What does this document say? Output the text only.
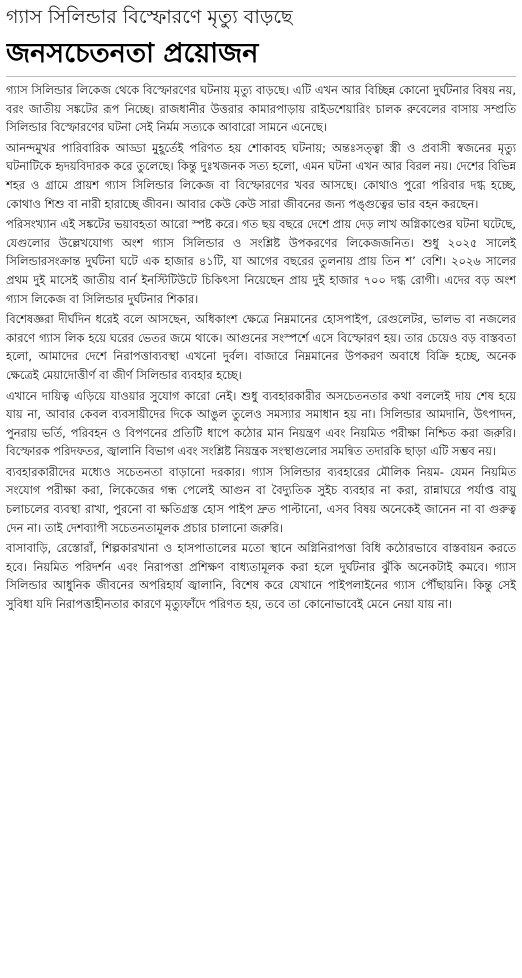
গ্যাস সিলিন্ডার বিস্ফোরণে মৃত্যু বাড়ছে
জনসচেতনতা প্রয়োজন

গ্যাস সিলিন্ডার লিকেজ থেকে বিস্ফোরণের ঘটনায় মৃত্যু বাড়ছে। এটি এখন আর বিচ্ছিন্ন কোনো দুর্ঘটনার বিষয় নয়, বরং জাতীয় সঙ্কটের রূপ নিচ্ছে। রাজধানীর উত্তরার কামারপাড়ায় রাইডশেয়ারিং চালক রুবেলের বাসায় সম্প্রতি সিলিন্ডার বিস্ফোরণের ঘটনা সেই নির্মম সত্যকে আবারো সামনে এনেছে।

আনন্দমুখর পারিবারিক আড্ডা মুহূর্তেই পরিণত হয় শোকাবহ ঘটনায়; অন্তঃসত্ত্বা স্ত্রী ও প্রবাসী স্বজনের মৃত্যু ঘটনাটিকে হৃদয়বিদারক করে তুলেছে। কিন্তু দুঃখজনক সত্য হলো, এমন ঘটনা এখন আর বিরল নয়। দেশের বিভিন্ন শহর ও গ্রামে প্রায়শ গ্যাস সিলিন্ডার লিকেজ বা বিস্ফোরণের খবর আসছে। কোথাও পুরো পরিবার দগ্ধ হচ্ছে, কোথাও শিশু বা নারী হারাচ্ছে জীবন। আবার কেউ কেউ সারা জীবনের জন্য পঙ্গুত্বের ভার বহন করছেন।

পরিসংখ্যান এই সঙ্কটের ভয়াবহতা আরো স্পষ্ট করে। গত ছয় বছরে দেশে প্রায় দেড় লাখ অগ্নিকাণ্ডের ঘটনা ঘটেছে, যেগুলোর উল্লেখযোগ্য অংশ গ্যাস সিলিন্ডার ও সংশ্লিষ্ট উপকরণের লিকেজজনিত। শুধু ২০২৫ সালেই সিলিন্ডারসংক্রান্ত দুর্ঘটনা ঘটে এক হাজার ৪১টি, যা আগের বছরের তুলনায় প্রায় তিন শ’ বেশি। ২০২৬ সালের প্রথম দুই মাসেই জাতীয় বার্ন ইনস্টিটিউটে চিকিৎসা নিয়েছেন প্রায় দুই হাজার ৭০০ দগ্ধ রোগী। এদের বড় অংশ গ্যাস লিকেজ বা সিলিন্ডার দুর্ঘটনার শিকার।

বিশেষজ্ঞরা দীর্ঘদিন ধরেই বলে আসছেন, অধিকাংশ ক্ষেত্রে নিম্নমানের হোসপাইপ, রেগুলেটর, ভালভ বা নজলের কারণে গ্যাস লিক হয়ে ঘরের ভেতর জমে থাকে। আগুনের সংস্পর্শে এসে বিস্ফোরণ হয়। তার চেয়েও বড় বাস্তবতা হলো, আমাদের দেশে নিরাপত্তাব্যবস্থা এখনো দুর্বল। বাজারে নিম্নমানের উপকরণ অবাধে বিক্রি হচ্ছে, অনেক ক্ষেত্রেই মেয়াদোত্তীর্ণ বা জীর্ণ সিলিন্ডার ব্যবহার হচ্ছে।

এখানে দায়িত্ব এড়িয়ে যাওয়ার সুযোগ কারো নেই। শুধু ব্যবহারকারীর অসচেতনতার কথা বললেই দায় শেষ হয়ে যায় না, আবার কেবল ব্যবসায়ীদের দিকে আঙুল তুলেও সমস্যার সমাধান হয় না। সিলিন্ডার আমদানি, উৎপাদন, পুনরায় ভর্তি, পরিবহন ও বিপণনের প্রতিটি ধাপে কঠোর মান নিয়ন্ত্রণ এবং নিয়মিত পরীক্ষা নিশ্চিত করা জরুরি। বিস্ফোরক পরিদফতর, জ্বালানি বিভাগ এবং সংশ্লিষ্ট নিয়ন্ত্রক সংস্থাগুলোর সমন্বিত তদারকি ছাড়া এটি সম্ভব নয়।

ব্যবহারকারীদের মধ্যেও সচেতনতা বাড়ানো দরকার। গ্যাস সিলিন্ডার ব্যবহারের মৌলিক নিয়ম- যেমন নিয়মিত সংযোগ পরীক্ষা করা, লিকেজের গন্ধ পেলেই আগুন বা বৈদ্যুতিক সুইচ ব্যবহার না করা, রান্নাঘরে পর্যাপ্ত বায়ু চলাচলের ব্যবস্থা রাখা, পুরনো বা ক্ষতিগ্রস্ত হোস পাইপ দ্রুত পাল্টানো, এসব বিষয় অনেকেই জানেন না বা গুরুত্ব দেন না। তাই দেশব্যাপী সচেতনতামূলক প্রচার চালানো জরুরি।

বাসাবাড়ি, রেস্তোরাঁ, শিল্পকারখানা ও হাসপাতালের মতো স্থানে অগ্নিনিরাপত্তা বিধি কঠোরভাবে বাস্তবায়ন করতে হবে। নিয়মিত পরিদর্শন এবং নিরাপত্তা প্রশিক্ষণ বাধ্যতামূলক করা হলে দুর্ঘটনার ঝুঁকি অনেকটাই কমবে। গ্যাস সিলিন্ডার আধুনিক জীবনের অপরিহার্য জ্বালানি, বিশেষ করে যেখানে পাইপলাইনের গ্যাস পৌঁছায়নি। কিন্তু সেই সুবিধা যদি নিরাপত্তাহীনতার কারণে মৃত্যুফাঁদে পরিণত হয়, তবে তা কোনোভাবেই মেনে নেয়া যায় না।
